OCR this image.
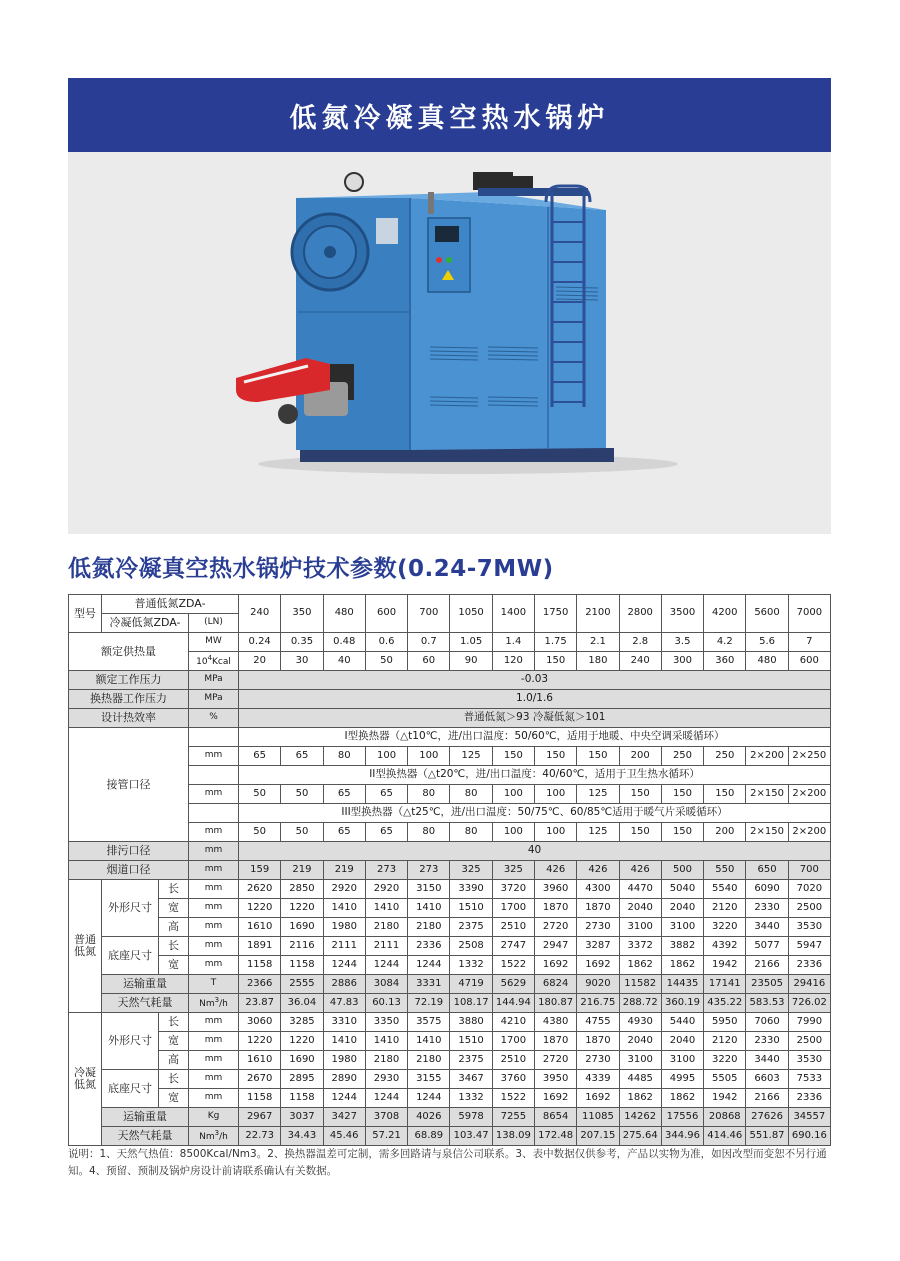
低氮冷凝真空热水锅炉
低氮冷凝真空热水锅炉技术参数(0.24-7MW)
型号	普通低氮ZDA-			240	350	480	600	700	1050	1400	1750	2100	2800	3500	4200	5600	7000
	冷凝低氮ZDA-		(LN)														
额定供热量			MW	0.24	0.35	0.48	0.6	0.7	1.05	1.4	1.75	2.1	2.8	3.5	4.2	5.6	7
			$10^4Kcal$	20	30	40	50	60	90	120	150	180	240	300	360	480	600
额定工作压力			MPa	-0.03													
换热器工作压力			MPa	1.0/1.6													
设计热效率			%	普通低氮＞93 冷凝低氮＞101													
接管口径				I型换热器（△t10℃，进/出口温度：50/60℃，适用于地暖、中央空调采暖循环）													
			mm	65	65	80	100	100	125	150	150	150	200	250	250	2×200	2×250
				II型换热器（△t20℃，进/出口温度：40/60℃，适用于卫生热水循环）													
			mm	50	50	65	65	80	80	100	100	125	150	150	150	2×150	2×200
				III型换热器（△t25℃，进/出口温度：50/75℃、60/85℃适用于暖气片采暖循环）													
			mm	50	50	65	65	80	80	100	100	125	150	150	200	2×150	2×200
排污口径			mm	40													
烟道口径			mm	159	219	219	273	273	325	325	426	426	426	500	550	650	700

普通
低氮	外形尺寸	长	mm	2620	2850	2920	2920	3150	3390	3720	3960	4300	4470	5040	5540	6090	7020
		宽	mm	1220	1220	1410	1410	1410	1510	1700	1870	1870	2040	2040	2120	2330	2500
		高	mm	1610	1690	1980	2180	2180	2375	2510	2720	2730	3100	3100	3220	3440	3530
	底座尺寸	长	mm	1891	2116	2111	2111	2336	2508	2747	2947	3287	3372	3882	4392	5077	5947
		宽	mm	1158	1158	1244	1244	1244	1332	1522	1692	1692	1862	1862	1942	2166	2336
	运输重量		T	2366	2555	2886	3084	3331	4719	5629	6824	9020	11582	14435	17141	23505	29416
	天然气耗量		Nm$^3$/h	23.87	36.04	47.83	60.13	72.19	108.17	144.94	180.87	216.75	288.72	360.19	435.22	583.53	726.02

冷凝
低氮	外形尺寸	长	mm	3060	3285	3310	3350	3575	3880	4210	4380	4755	4930	5440	5950	7060	7990
		宽	mm	1220	1220	1410	1410	1410	1510	1700	1870	1870	2040	2040	2120	2330	2500
		高	mm	1610	1690	1980	2180	2180	2375	2510	2720	2730	3100	3100	3220	3440	3530
	底座尺寸	长	mm	2670	2895	2890	2930	3155	3467	3760	3950	4339	4485	4995	5505	6603	7533
		宽	mm	1158	1158	1244	1244	1244	1332	1522	1692	1692	1862	1862	1942	2166	2336
	运输重量		Kg	2967	3037	3427	3708	4026	5978	7255	8654	11085	14262	17556	20868	27626	34557
	天然气耗量		Nm$^3$/h	22.73	34.43	45.46	57.21	68.89	103.47	138.09	172.48	207.15	275.64	344.96	414.46	551.87	690.16
说明：1、天然气热值：8500Kcal/Nm3。2、换热器温差可定制，需多回路请与泉信公司联系。3、表中数据仅供参考，产品以实物为准，如因改型而变恕不另行通知。4、预留、预制及锅炉房设计前请联系确认有关数据。
